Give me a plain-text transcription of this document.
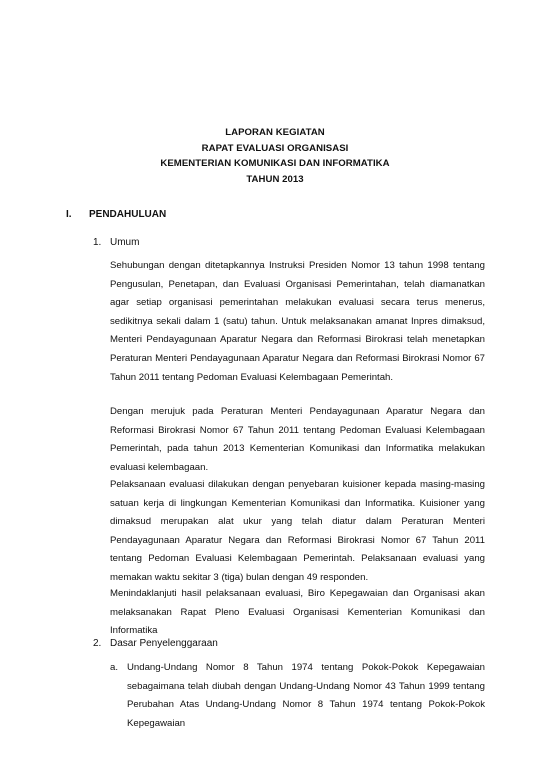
LAPORAN KEGIATAN
RAPAT EVALUASI ORGANISASI
KEMENTERIAN KOMUNIKASI DAN INFORMATIKA
TAHUN 2013
I. PENDAHULUAN
1. Umum

Sehubungan dengan ditetapkannya Instruksi Presiden Nomor 13 tahun 1998 tentang Pengusulan, Penetapan, dan Evaluasi Organisasi Pemerintahan, telah diamanatkan agar setiap organisasi pemerintahan melakukan evaluasi secara terus menerus, sedikitnya sekali dalam 1 (satu) tahun. Untuk melaksanakan amanat Inpres dimaksud, Menteri Pendayagunaan Aparatur Negara dan Reformasi Birokrasi telah menetapkan Peraturan Menteri Pendayagunaan Aparatur Negara dan Reformasi Birokrasi Nomor 67 Tahun 2011 tentang Pedoman Evaluasi Kelembagaan Pemerintah.

Dengan merujuk pada Peraturan Menteri Pendayagunaan Aparatur Negara dan Reformasi Birokrasi Nomor 67 Tahun 2011 tentang Pedoman Evaluasi Kelembagaan Pemerintah, pada tahun 2013 Kementerian Komunikasi dan Informatika melakukan evaluasi kelembagaan.

Pelaksanaan evaluasi dilakukan dengan penyebaran kuisioner kepada masing-masing satuan kerja di lingkungan Kementerian Komunikasi dan Informatika. Kuisioner yang dimaksud merupakan alat ukur yang telah diatur dalam Peraturan Menteri Pendayagunaan Aparatur Negara dan Reformasi Birokrasi Nomor 67 Tahun 2011 tentang Pedoman Evaluasi Kelembagaan Pemerintah. Pelaksanaan evaluasi yang memakan waktu sekitar 3 (tiga) bulan dengan 49 responden.

Menindaklanjuti hasil pelaksanaan evaluasi, Biro Kepegawaian dan Organisasi akan melaksanakan Rapat Pleno Evaluasi Organisasi Kementerian Komunikasi dan Informatika

2. Dasar Penyelenggaraan
a. Undang-Undang Nomor 8 Tahun 1974 tentang Pokok-Pokok Kepegawaian sebagaimana telah diubah dengan Undang-Undang Nomor 43 Tahun 1999 tentang Perubahan Atas Undang-Undang Nomor 8 Tahun 1974 tentang Pokok-Pokok Kepegawaian
